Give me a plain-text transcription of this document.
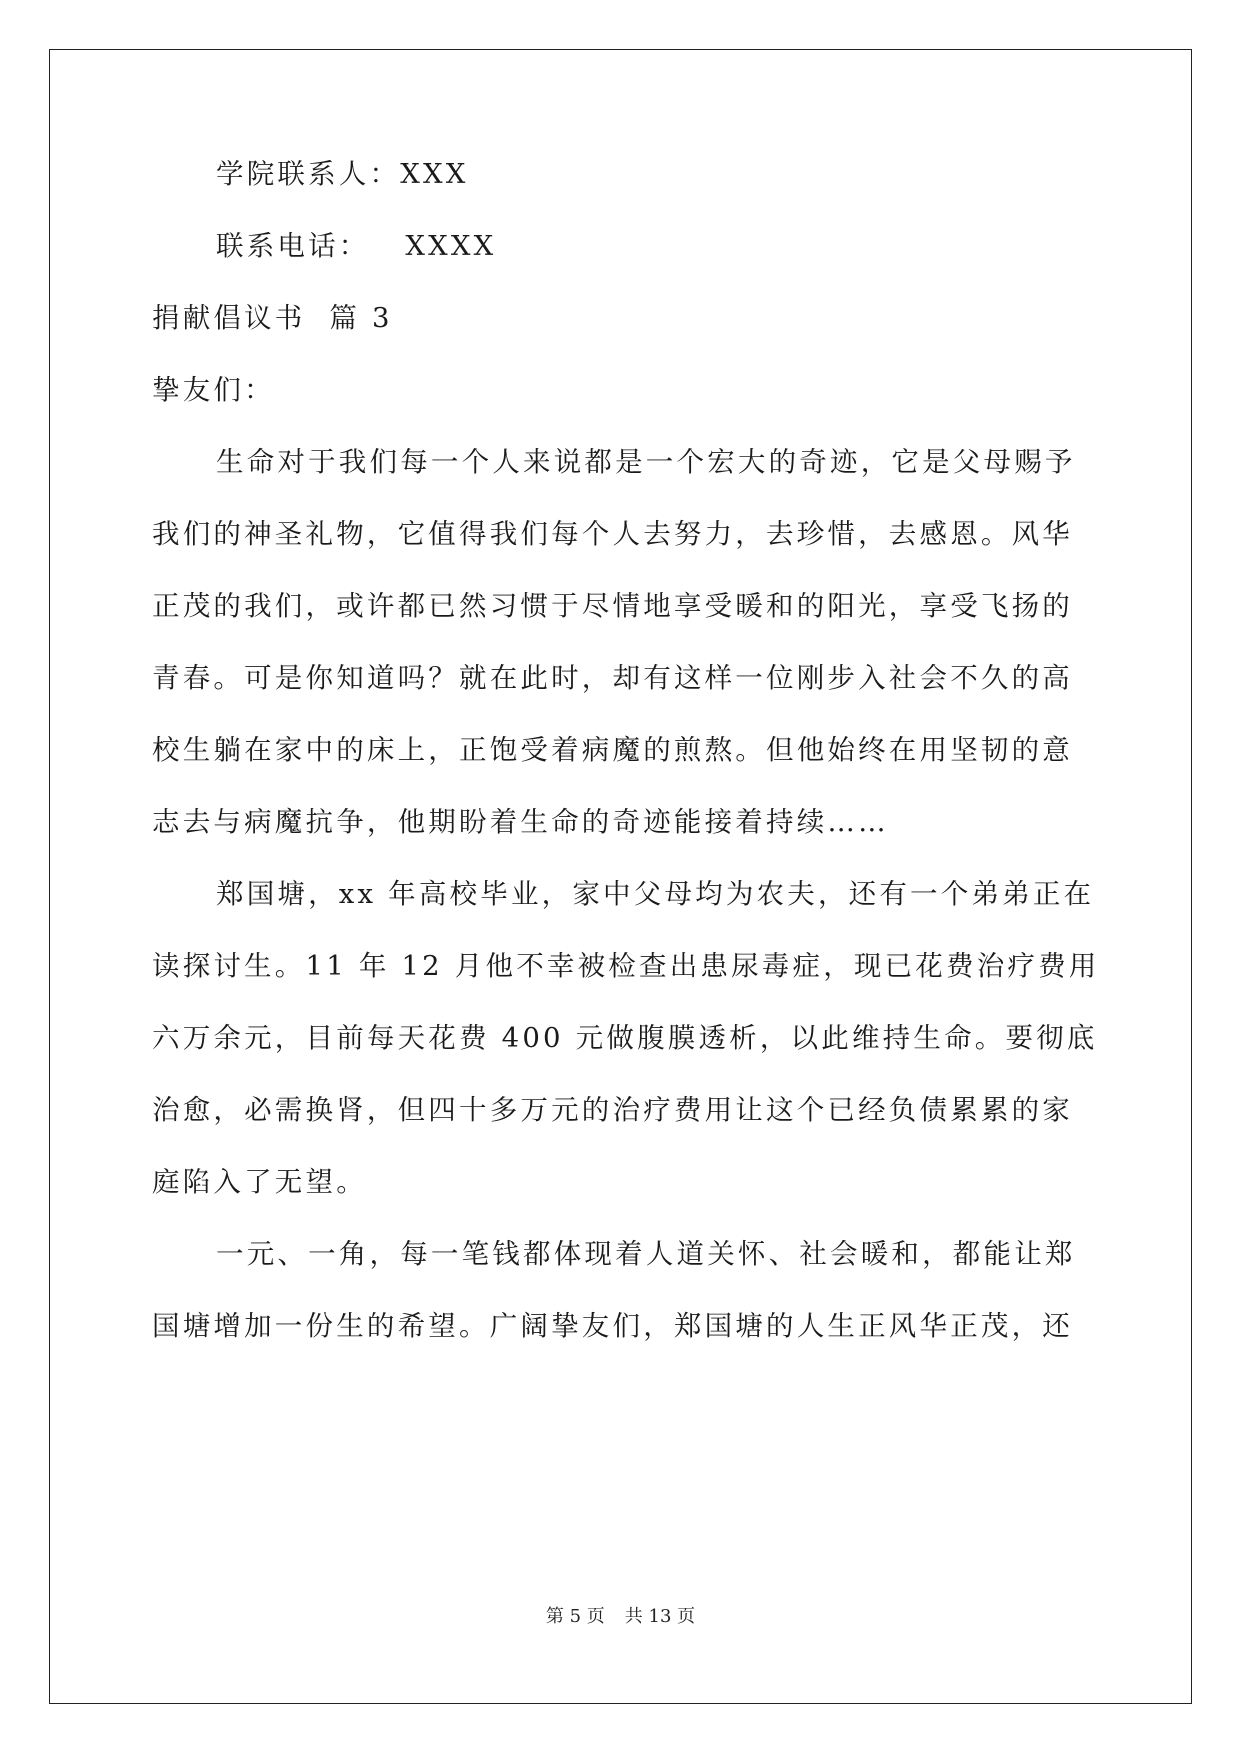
学院联系人：XXX
联系电话：   XXXX
捐献倡议书  篇 3
挚友们：
生命对于我们每一个人来说都是一个宏大的奇迹，它是父母赐予
我们的神圣礼物，它值得我们每个人去努力，去珍惜，去感恩。风华
正茂的我们，或许都已然习惯于尽情地享受暖和的阳光，享受飞扬的
青春。可是你知道吗？就在此时，却有这样一位刚步入社会不久的高
校生躺在家中的床上，正饱受着病魔的煎熬。但他始终在用坚韧的意
志去与病魔抗争，他期盼着生命的奇迹能接着持续……
郑国塘，xx 年高校毕业，家中父母均为农夫，还有一个弟弟正在
读探讨生。11 年 12 月他不幸被检查出患尿毒症，现已花费治疗费用
六万余元，目前每天花费 400 元做腹膜透析，以此维持生命。要彻底
治愈，必需换肾，但四十多万元的治疗费用让这个已经负债累累的家
庭陷入了无望。
一元、一角，每一笔钱都体现着人道关怀、社会暖和，都能让郑
国塘增加一份生的希望。广阔挚友们，郑国塘的人生正风华正茂，还
第 5 页 共 13 页
